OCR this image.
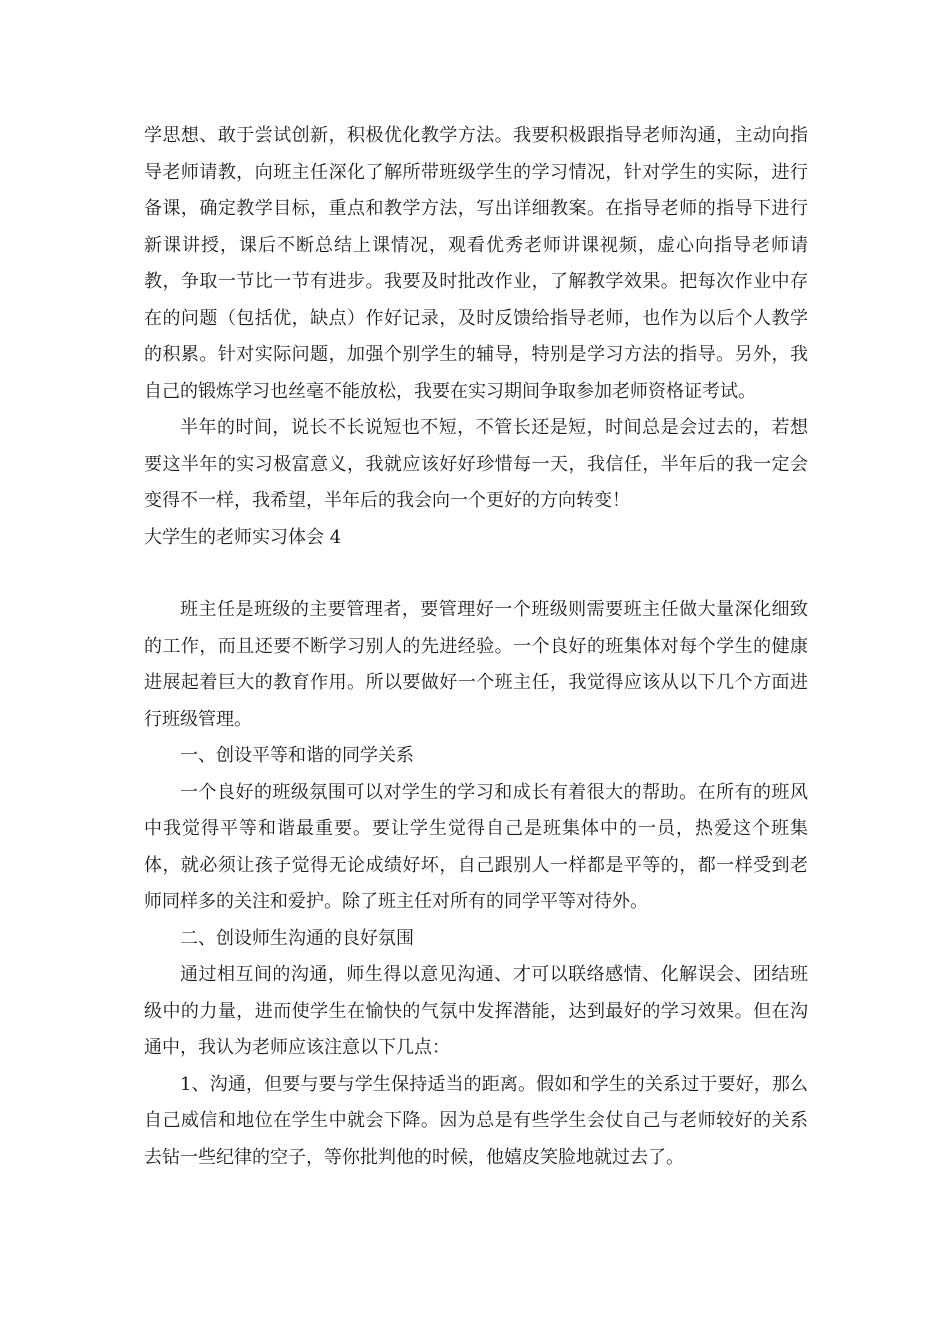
学思想、敢于尝试创新，积极优化教学方法。我要积极跟指导老师沟通，主动向指导老师请教，向班主任深化了解所带班级学生的学习情况，针对学生的实际，进行备课，确定教学目标，重点和教学方法，写出详细教案。在指导老师的指导下进行新课讲授，课后不断总结上课情况，观看优秀老师讲课视频，虚心向指导老师请教，争取一节比一节有进步。我要及时批改作业，了解教学效果。把每次作业中存在的问题（包括优，缺点）作好记录，及时反馈给指导老师，也作为以后个人教学的积累。针对实际问题，加强个别学生的辅导，特别是学习方法的指导。另外，我自己的锻炼学习也丝毫不能放松，我要在实习期间争取参加老师资格证考试。

半年的时间，说长不长说短也不短，不管长还是短，时间总是会过去的，若想要这半年的实习极富意义，我就应该好好珍惜每一天，我信任，半年后的我一定会变得不一样，我希望，半年后的我会向一个更好的方向转变！

大学生的老师实习体会 4

班主任是班级的主要管理者，要管理好一个班级则需要班主任做大量深化细致的工作，而且还要不断学习别人的先进经验。一个良好的班集体对每个学生的健康进展起着巨大的教育作用。所以要做好一个班主任，我觉得应该从以下几个方面进行班级管理。

一、创设平等和谐的同学关系

一个良好的班级氛围可以对学生的学习和成长有着很大的帮助。在所有的班风中我觉得平等和谐最重要。要让学生觉得自己是班集体中的一员，热爱这个班集体，就必须让孩子觉得无论成绩好坏，自己跟别人一样都是平等的，都一样受到老师同样多的关注和爱护。除了班主任对所有的同学平等对待外。

二、创设师生沟通的良好氛围

通过相互间的沟通，师生得以意见沟通、才可以联络感情、化解误会、团结班级中的力量，进而使学生在愉快的气氛中发挥潜能，达到最好的学习效果。但在沟通中，我认为老师应该注意以下几点：

1、沟通，但要与要与学生保持适当的距离。假如和学生的关系过于要好，那么自己威信和地位在学生中就会下降。因为总是有些学生会仗自己与老师较好的关系去钻一些纪律的空子，等你批判他的时候，他嬉皮笑脸地就过去了。
